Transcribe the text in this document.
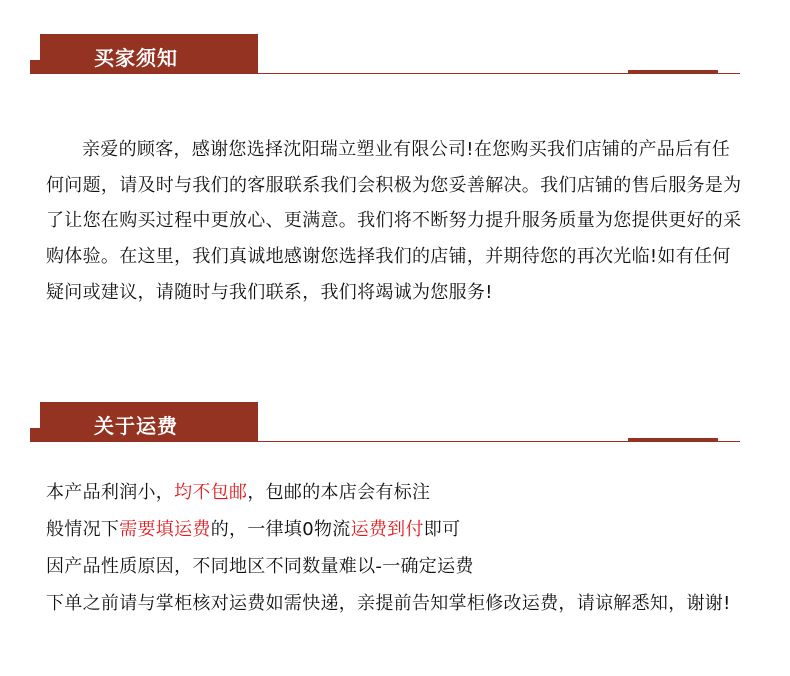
买家须知
亲爱的顾客，感谢您选择沈阳瑞立塑业有限公司!在您购买我们店铺的产品后有任何问题，请及时与我们的客服联系我们会积极为您妥善解决。我们店铺的售后服务是为了让您在购买过程中更放心、更满意。我们将不断努力提升服务质量为您提供更好的采购体验。在这里，我们真诚地感谢您选择我们的店铺，并期待您的再次光临!如有任何疑问或建议，请随时与我们联系，我们将竭诚为您服务!
关于运费
本产品利润小，均不包邮，包邮的本店会有标注
般情况下需要填运费的，一律填0物流运费到付即可
因产品性质原因，不同地区不同数量难以-一确定运费
下单之前请与掌柜核对运费如需快递，亲提前告知掌柜修改运费，请谅解悉知，谢谢!
